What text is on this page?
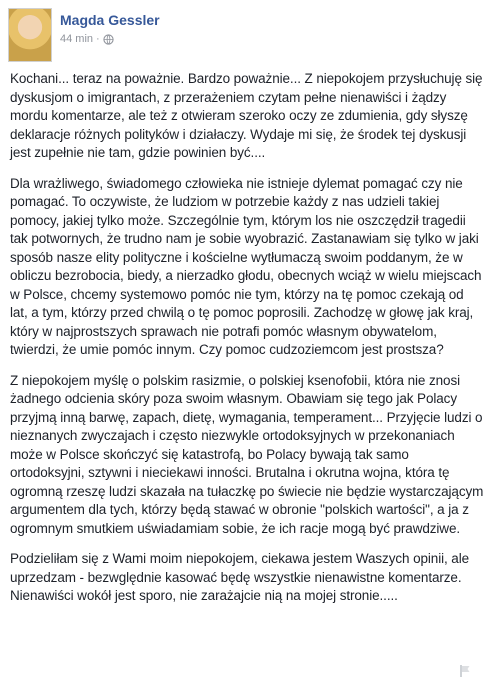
Magda Gessler
44 min ·

Kochani... teraz na poważnie. Bardzo poważnie... Z niepokojem przysłuchuję się dyskusjom o imigrantach, z przerażeniem czytam pełne nienawiści i żądzy mordu komentarze, ale też z otwieram szeroko oczy ze zdumienia, gdy słyszę deklaracje różnych polityków i działaczy. Wydaje mi się, że środek tej dyskusji jest zupełnie nie tam, gdzie powinien być....

Dla wrażliwego, świadomego człowieka nie istnieje dylemat pomagać czy nie pomagać. To oczywiste, że ludziom w potrzebie każdy z nas udzieli takiej pomocy, jakiej tylko może. Szczególnie tym, którym los nie oszczędził tragedii tak potwornych, że trudno nam je sobie wyobrazić. Zastanawiam się tylko w jaki sposób nasze elity polityczne i kościelne wytłumaczą swoim poddanym, że w obliczu bezrobocia, biedy, a nierzadko głodu, obecnych wciąż w wielu miejscach w Polsce, chcemy systemowo pomóc nie tym, którzy na tę pomoc czekają od lat, a tym, którzy przed chwilą o tę pomoc poprosili. Zachodzę w głowę jak kraj, który w najprostszych sprawach nie potrafi pomóc własnym obywatelom, twierdzi, że umie pomóc innym. Czy pomoc cudzoziemcom jest prostsza?

Z niepokojem myślę o polskim rasizmie, o polskiej ksenofobii, która nie znosi żadnego odcienia skóry poza swoim własnym. Obawiam się tego jak Polacy przyjmą inną barwę, zapach, dietę, wymagania, temperament... Przyjęcie ludzi o nieznanych zwyczajach i często niezwykle ortodoksyjnych w przekonaniach może w Polsce skończyć się katastrofą, bo Polacy bywają tak samo ortodoksyjni, sztywni i nieciekawi inności. Brutalna i okrutna wojna, która tę ogromną rzeszę ludzi skazała na tułaczkę po świecie nie będzie wystarczającym argumentem dla tych, którzy będą stawać w obronie "polskich wartości", a ja z ogromnym smutkiem uświadamiam sobie, że ich racje mogą być prawdziwe.

Podzieliłam się z Wami moim niepokojem, ciekawa jestem Waszych opinii, ale uprzedzam - bezwględnie kasować będę wszystkie nienawistne komentarze. Nienawiści wokół jest sporo, nie zarażajcie nią na mojej stronie.....
